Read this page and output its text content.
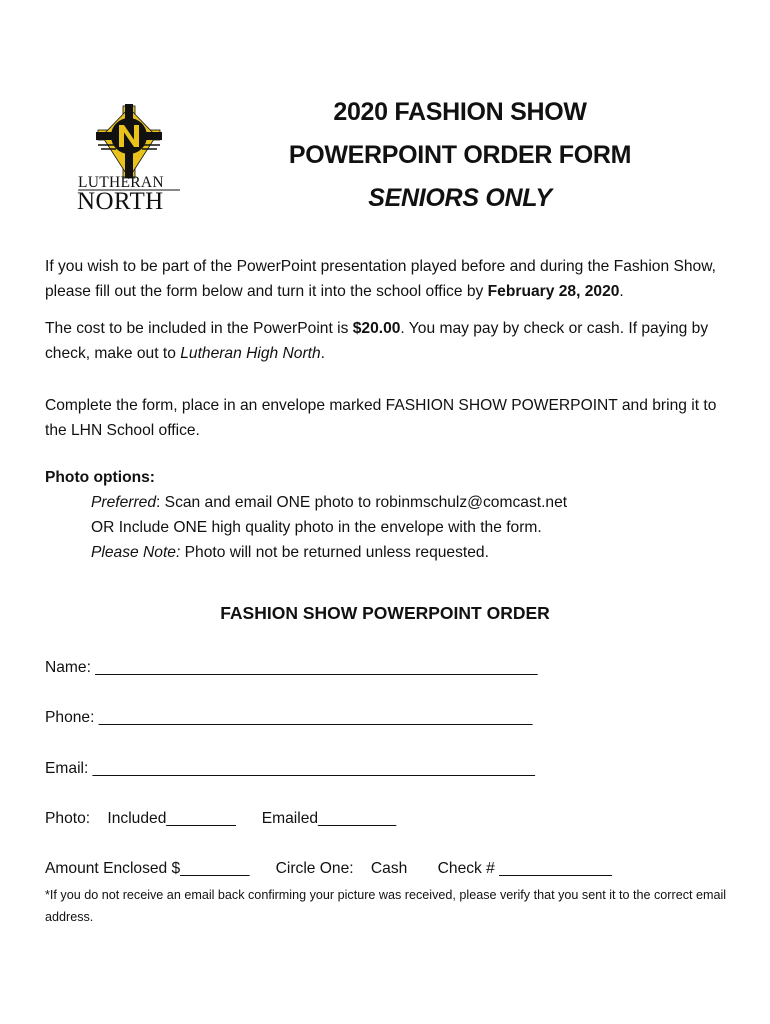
LUTHERAN
NORTH
2020 FASHION SHOW
POWERPOINT ORDER FORM
SENIORS ONLY
If you wish to be part of the PowerPoint presentation played before and during the Fashion Show, please fill out the form below and turn it into the school office by February 28, 2020.
The cost to be included in the PowerPoint is $20.00. You may pay by check or cash. If paying by check, make out to Lutheran High North.
Complete the form, place in an envelope marked FASHION SHOW POWERPOINT and bring it to the LHN School office.
Photo options:
Preferred: Scan and email ONE photo to robinmschulz@comcast.net
OR Include ONE high quality photo in the envelope with the form.
Please Note: Photo will not be returned unless requested.
FASHION SHOW POWERPOINT ORDER
Name: ___________________________________________________
Phone: __________________________________________________
Email: ___________________________________________________
Photo:    Included________      Emailed_________
Amount Enclosed $________      Circle One:    Cash       Check # _____________
*If you do not receive an email back confirming your picture was received, please verify that you sent it to the correct email address.
